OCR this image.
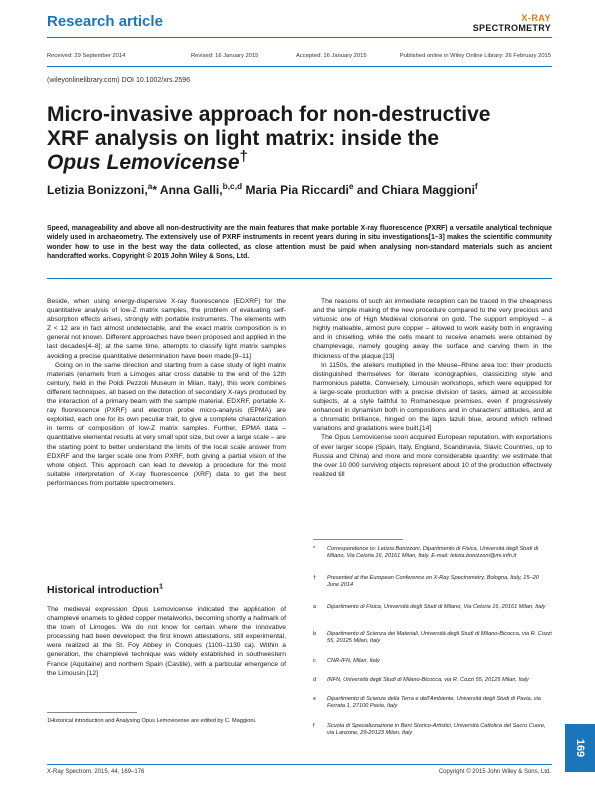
Research article	X-RAY
SPECTROMETRY
Received: 29 September 2014	Revised: 16 January 2015	Accepted: 16 January 2015	Published online in Wiley Online Library: 26 February 2015
(wileyonlinelibrary.com) DOI 10.1002/xrs.2596
Micro-invasive approach for non-destructive
XRF analysis on light matrix: inside the
Opus Lemovicense†
Letizia Bonizzoni,$^a$* Anna Galli,$^{b,c,d}$ Maria Pia Riccardi$^e$ and Chiara Maggioni$^f$
Speed, manageability and above all non-destructivity are the main features that make portable X-ray fluorescence (PXRF) a versatile analytical technique widely used in archaeometry. The extensively use of PXRF instruments in recent years during in situ investigations[1–3] makes the scientific community wonder how to use in the best way the data collected, as close attention must be paid when analysing non-standard materials such as ancient handcrafted works. Copyright © 2015 John Wiley & Sons, Ltd.

Beside, when using energy-dispersive X-ray fluorescence (EDXRF) for the quantitative analysis of low-Z matrix samples, the problem of evaluating self-absorption effects arises, strongly with portable instruments. The elements with Z < 12 are in fact almost undetectable, and the exact matrix composition is in general not known. Different approaches have been proposed and applied in the last decades[4–8]; at the same time, attempts to classify light matrix samples avoiding a precise quantitative determination have been made.[9–11]

Going on in the same direction and starting from a case study of light matrix materials (enamels from a Limoges altar cross datable to the end of the 12th century, held in the Poldi Pezzoli Museum in Milan, Italy), this work combines different techniques, all based on the detection of secondary X-rays produced by the interaction of a primary beam with the sample material. EDXRF, portable X-ray fluorescence (PXRF) and electron probe micro-analysis (EPMA) are exploited, each one for its own peculiar trait, to give a complete characterization in terms of composition of low-Z matrix samples. Further, EPMA data – quantitative elemental results at very small spot size, but over a large scale – are the starting point to better understand the limits of the local scale answer from EDXRF and the larger scale one from PXRF, both giving a partial vision of the whole object. This approach can lead to develop a procedure for the most suitable interpretation of X-ray fluorescence (XRF) data to get the best performances from portable spectrometers.

Historical introduction$^1$

The medieval expression Opus Lemovicense indicated the application of champlevé enamels to gilded copper metalworks, becoming shortly a hallmark of the town of Limoges. We do not know for certain where the innovative processing had been developed: the first known attestations, still experimental, were realized at the St. Foy Abbey in Conques (1100–1130 ca). Within a generation, the champlevé technique was widely established in southwestern France (Aquitaine) and northern Spain (Castile), with a particular emergence of the Limousin.[12]

1Historical introduction and Analysing Opus Lemovicense are edited by C. Maggioni.

The reasons of such an immediate reception can be traced in the cheapness and the simple making of the new procedure compared to the very precious and virtuosic one of High Medieval cloisonné on gold. The support employed – a highly malleable, almost pure copper – allowed to work easily both in engraving and in chiselling, while the cells meant to receive enamels were obtained by champlevage, namely gouging away the surface and carving them in the thickness of the plaque.[13]

In 1150s, the ateliers multiplied in the Meuse–Rhine area too: their products distinguished themselves for literate iconographies, classicizing style and harmonious palette. Conversely, Limousin workshops, which were equipped for a large-scale production with a precise division of tasks, aimed at accessible subjects, at a style faithful to Romanesque premises, even if progressively enhanced in dynamism both in compositions and in characters' attitudes, and at a chromatic brilliance, hinged on the lapis lazuli blue, around which refined variations and gradations were built.[14]

The Opus Lemovicense soon acquired European reputation, with exportations of ever larger scope (Spain, Italy, England, Scandinavia, Slavic Countries, up to Russia and China) and more and more considerable quantity: we estimate that the over 10 000 surviving objects represent about 10 of the production effectively realized till

* Correspondence to: Letizia Bonizzoni, Dipartimento di Fisica, Università degli Studi di Milano, Via Celoria 16, 20161 Milan, Italy. E-mail: letizia.bonizzoni@mi.infn.it
† Presented at the European Conference on X-Ray Spectrometry, Bologna, Italy, 15–20 June 2014
a Dipartimento di Fisica, Università degli Studi di Milano, Via Celoria 16, 20161 Milan, Italy
b Dipartimento di Scienza dei Materiali, Università degli Studi di Milano-Bicocca, via R. Cozzi 55, 20125 Milan, Italy
c CNR-IFN, Milan, Italy
d INFN, Università degli Studi di Milano-Bicocca, via R. Cozzi 55, 20125 Milan, Italy
e Dipartimento di Scienze della Terra e dell'Ambiente, Università degli Studi di Pavia, via Ferrata 1, 27100 Pavia, Italy
f Scuola di Specializzazione in Beni Storico-Artistici, Università Cattolica del Sacro Cuore, via Lanzone, 29-20123 Milan, Italy
X-Ray Spectrom. 2015, 44, 169–176	Copyright © 2015 John Wiley & Sons, Ltd.
169
